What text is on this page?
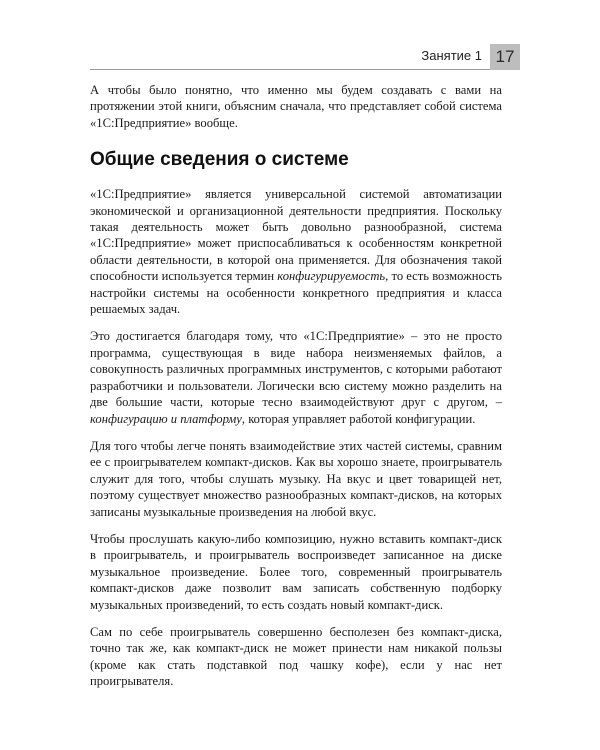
Занятие 1 17

А чтобы было понятно, что именно мы будем создавать с вами на протяжении этой книги, объясним сначала, что представляет собой система «1С:Предприятие» вообще.

Общие сведения о системе

«1С:Предприятие» является универсальной системой автоматизации экономической и организационной деятельности предприятия. Поскольку такая деятельность может быть довольно разнообразной, система «1С:Предприятие» может приспосабливаться к особенностям конкретной области деятельности, в которой она применяется. Для обозначения такой способности используется термин конфигурируемость, то есть возможность настройки системы на особенности конкретного предприятия и класса решаемых задач.

Это достигается благодаря тому, что «1С:Предприятие» – это не просто программа, существующая в виде набора неизменяемых файлов, а совокупность различных программных инструментов, с которыми работают разработчики и пользователи. Логически всю систему можно разделить на две большие части, которые тесно взаимодействуют друг с другом, – конфигурацию и платформу, которая управляет работой конфигурации.

Для того чтобы легче понять взаимодействие этих частей системы, сравним ее с проигрывателем компакт-дисков. Как вы хорошо знаете, проигрыватель служит для того, чтобы слушать музыку. На вкус и цвет товарищей нет, поэтому существует множество разнообразных компакт-дисков, на которых записаны музыкальные произведения на любой вкус.

Чтобы прослушать какую-либо композицию, нужно вставить компакт-диск в проигрыватель, и проигрыватель воспроизведет записанное на диске музыкальное произведение. Более того, современный проигрыватель компакт-дисков даже позволит вам записать собственную подборку музыкальных произведений, то есть создать новый компакт-диск.

Сам по себе проигрыватель совершенно бесполезен без компакт-диска, точно так же, как компакт-диск не может принести нам никакой пользы (кроме как стать подставкой под чашку кофе), если у нас нет проигрывателя.
